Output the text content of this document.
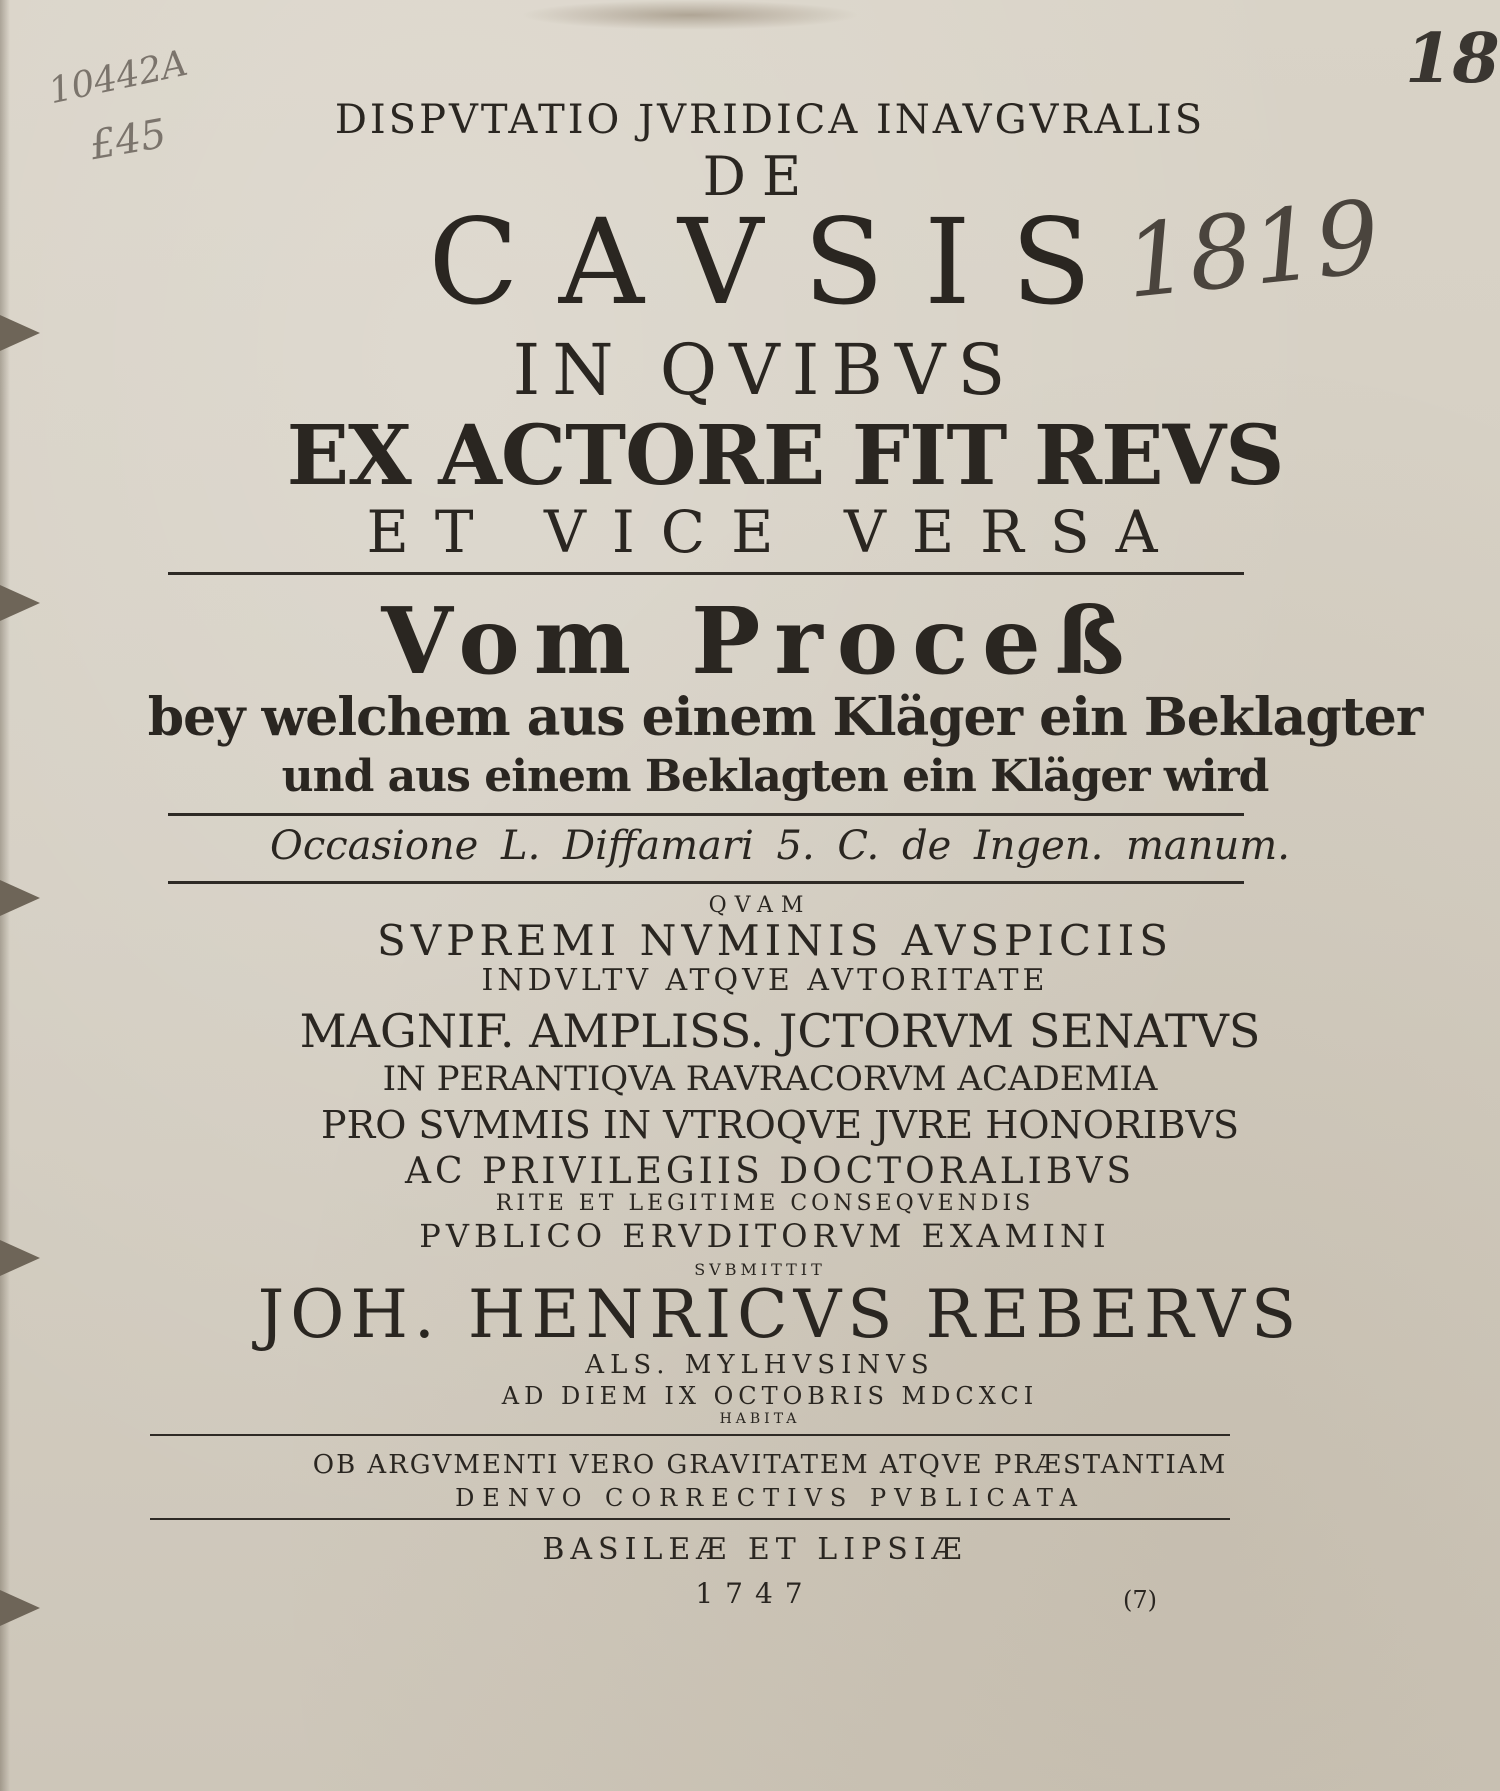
10442A
£45
18
1819
DISPVTATIO JVRIDICA INAVGVRALIS
DE
CAVSIS
IN QVIBVS
EX ACTORE FIT REVS
ET VICE VERSA
Vom Proceß
bey welchem aus einem Kläger ein Beklagter
und aus einem Beklagten ein Kläger wird
Occasione L. Diffamari 5. C. de Ingen. manum.
QVAM
SVPREMI NVMINIS AVSPICIIS
INDVLTV ATQVE AVTORITATE
MAGNIF. AMPLISS. JCTORVM SENATVS
IN PERANTIQVA RAVRACORVM ACADEMIA
PRO SVMMIS IN VTROQVE JVRE HONORIBVS
AC PRIVILEGIIS DOCTORALIBVS
RITE ET LEGITIME CONSEQVENDIS
PVBLICO ERVDITORVM EXAMINI
SVBMITTIT
JOH. HENRICVS REBERVS
ALS. MYLHVSINVS
AD DIEM IX OCTOBRIS MDCXCI
HABITA
OB ARGVMENTI VERO GRAVITATEM ATQVE PRÆSTANTIAM
DENVO CORRECTIVS PVBLICATA
BASILEÆ ET LIPSIÆ
1747	(7)
